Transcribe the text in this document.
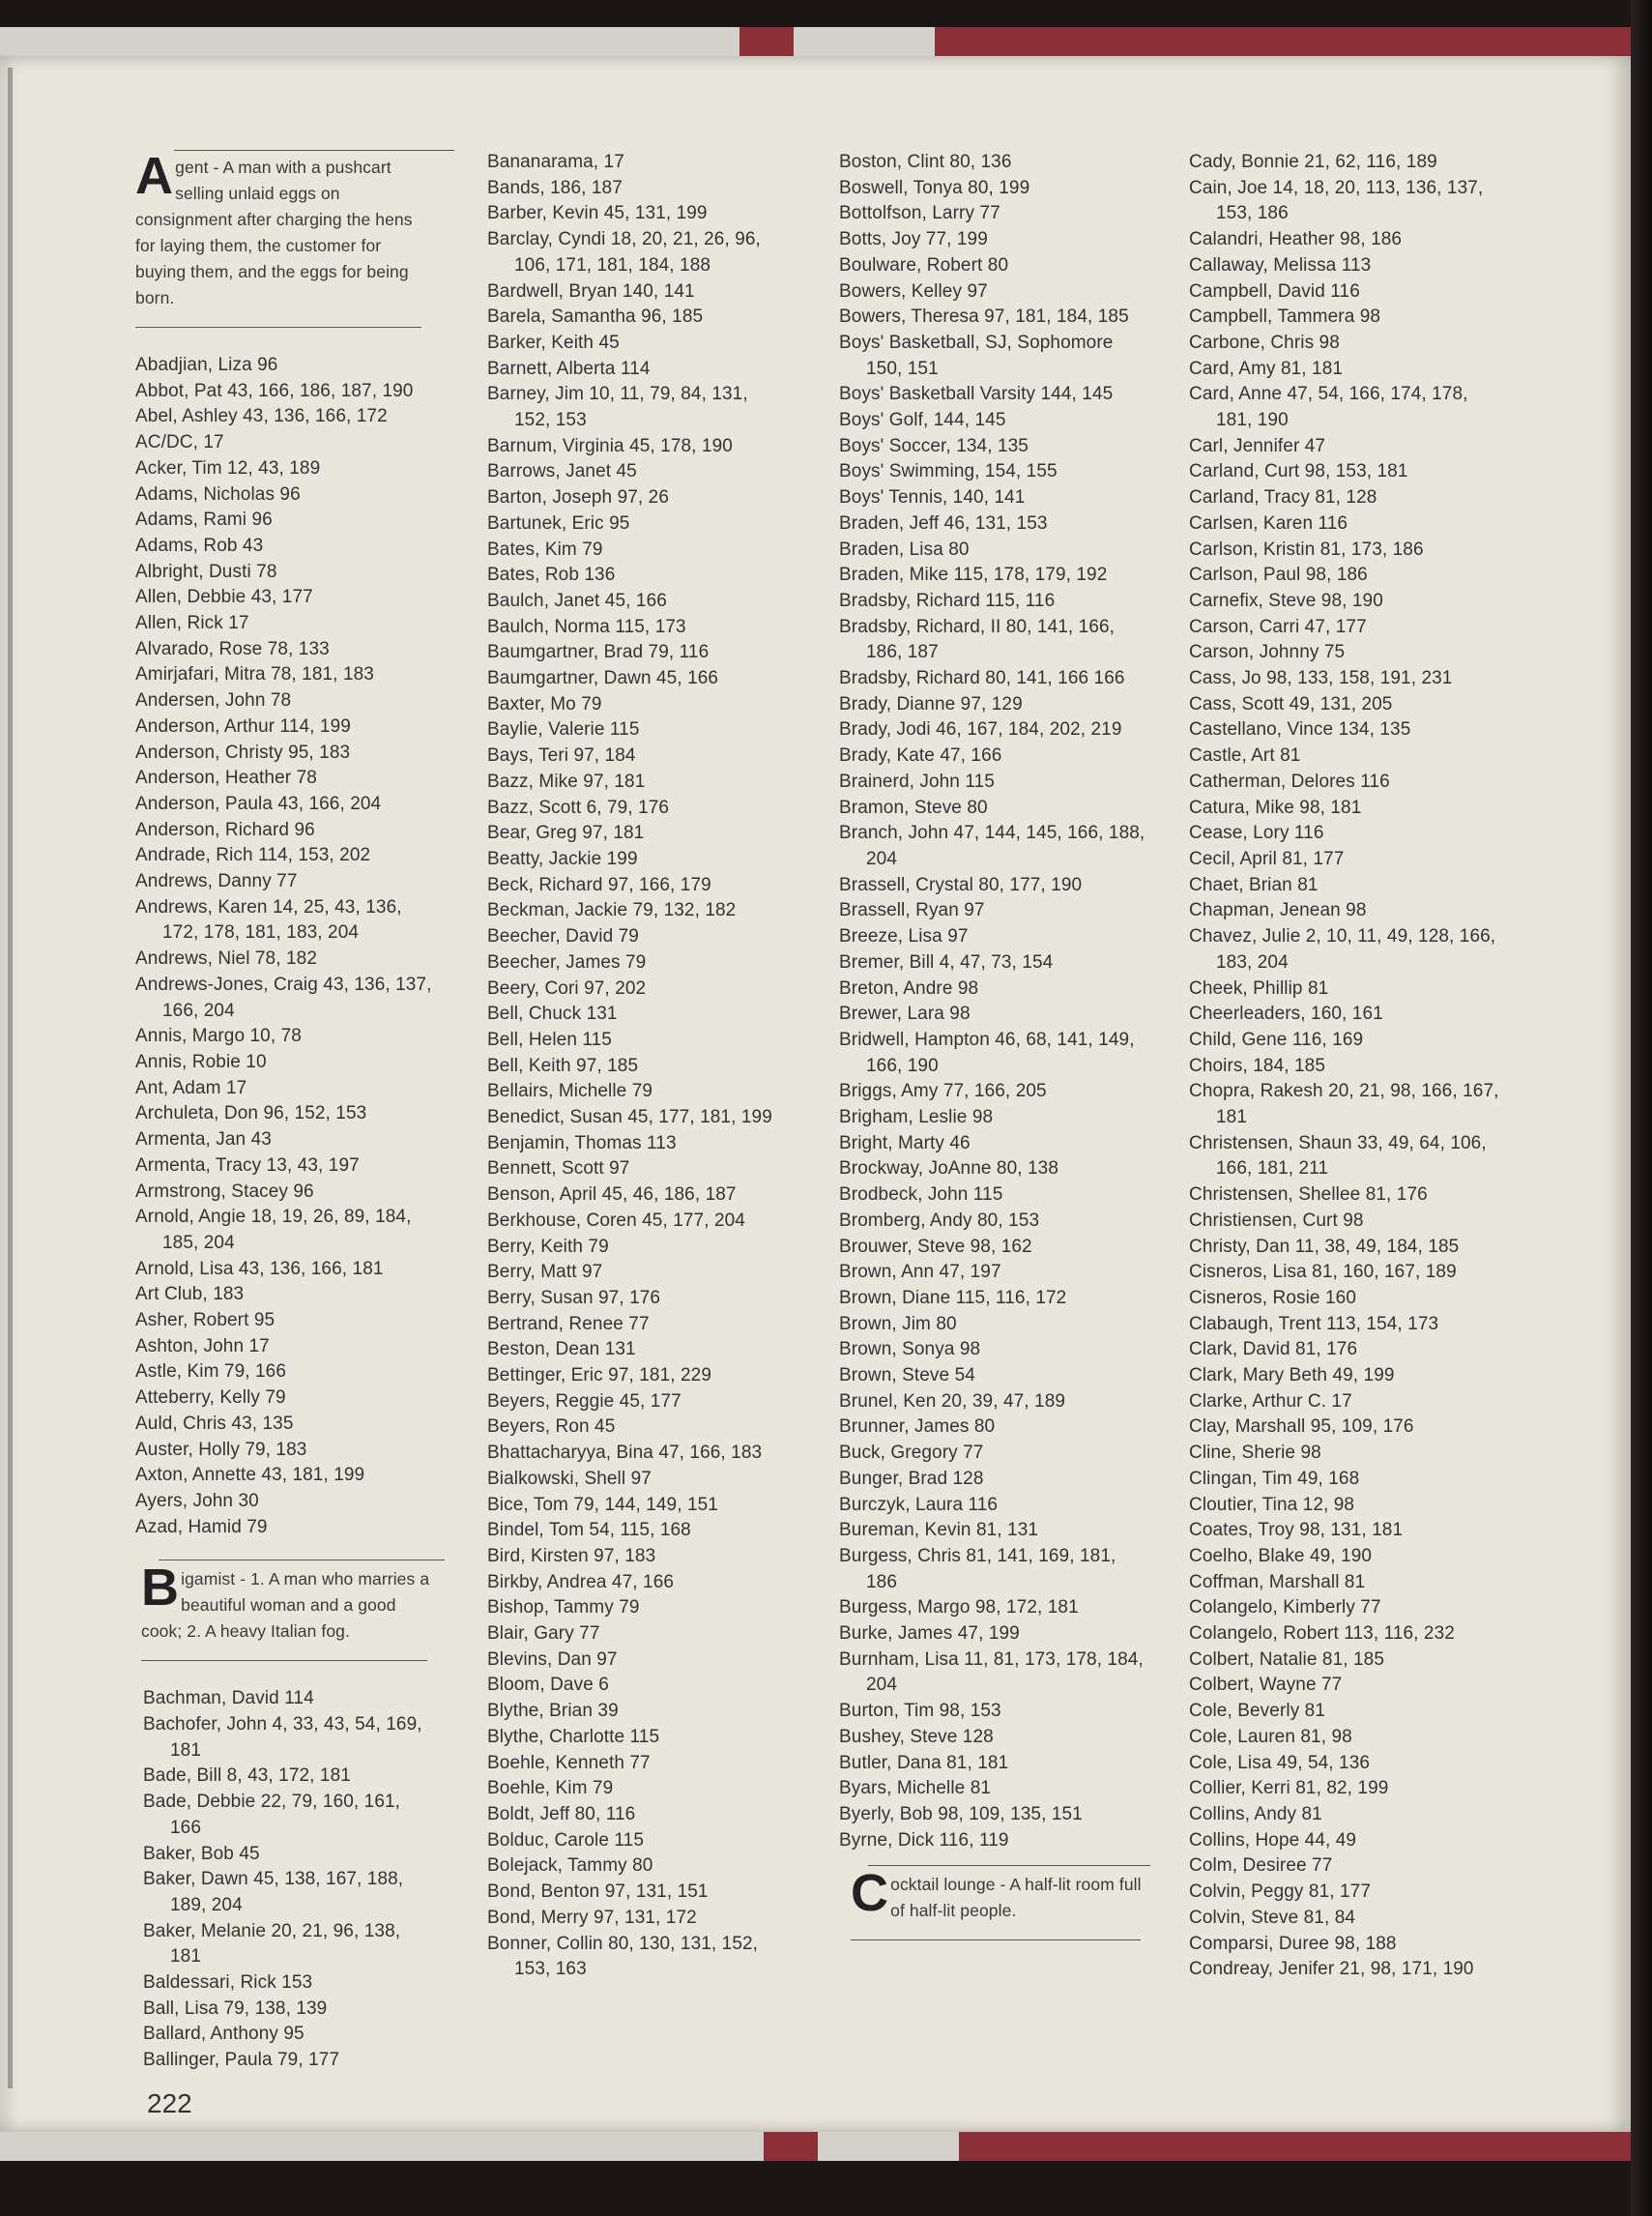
Agent - A man with a pushcart selling unlaid eggs on consignment after charging the hens for laying them, the customer for buying them, and the eggs for being born.

Abadjian, Liza 96

Abbot, Pat 43, 166, 186, 187, 190

Abel, Ashley 43, 136, 166, 172

AC/DC, 17

Acker, Tim 12, 43, 189

Adams, Nicholas 96

Adams, Rami 96

Adams, Rob 43

Albright, Dusti 78

Allen, Debbie 43, 177

Allen, Rick 17

Alvarado, Rose 78, 133

Amirjafari, Mitra 78, 181, 183

Andersen, John 78

Anderson, Arthur 114, 199

Anderson, Christy 95, 183

Anderson, Heather 78

Anderson, Paula 43, 166, 204

Anderson, Richard 96

Andrade, Rich 114, 153, 202

Andrews, Danny 77

Andrews, Karen 14, 25, 43, 136, 172, 178, 181, 183, 204

Andrews, Niel 78, 182

Andrews-Jones, Craig 43, 136, 137, 166, 204

Annis, Margo 10, 78

Annis, Robie 10

Ant, Adam 17

Archuleta, Don 96, 152, 153

Armenta, Jan 43

Armenta, Tracy 13, 43, 197

Armstrong, Stacey 96

Arnold, Angie 18, 19, 26, 89, 184, 185, 204

Arnold, Lisa 43, 136, 166, 181

Art Club, 183

Asher, Robert 95

Ashton, John 17

Astle, Kim 79, 166

Atteberry, Kelly 79

Auld, Chris 43, 135

Auster, Holly 79, 183

Axton, Annette 43, 181, 199

Ayers, John 30

Azad, Hamid 79

Bigamist - 1. A man who marries a beautiful woman and a good cook; 2. A heavy Italian fog.

Bachman, David 114

Bachofer, John 4, 33, 43, 54, 169, 181

Bade, Bill 8, 43, 172, 181

Bade, Debbie 22, 79, 160, 161, 166

Baker, Bob 45

Baker, Dawn 45, 138, 167, 188, 189, 204

Baker, Melanie 20, 21, 96, 138, 181

Baldessari, Rick 153

Ball, Lisa 79, 138, 139

Ballard, Anthony 95

Ballinger, Paula 79, 177

Bananarama, 17

Bands, 186, 187

Barber, Kevin 45, 131, 199

Barclay, Cyndi 18, 20, 21, 26, 96, 106, 171, 181, 184, 188

Bardwell, Bryan 140, 141

Barela, Samantha 96, 185

Barker, Keith 45

Barnett, Alberta 114

Barney, Jim 10, 11, 79, 84, 131, 152, 153

Barnum, Virginia 45, 178, 190

Barrows, Janet 45

Barton, Joseph 97, 26

Bartunek, Eric 95

Bates, Kim 79

Bates, Rob 136

Baulch, Janet 45, 166

Baulch, Norma 115, 173

Baumgartner, Brad 79, 116

Baumgartner, Dawn 45, 166

Baxter, Mo 79

Baylie, Valerie 115

Bays, Teri 97, 184

Bazz, Mike 97, 181

Bazz, Scott 6, 79, 176

Bear, Greg 97, 181

Beatty, Jackie 199

Beck, Richard 97, 166, 179

Beckman, Jackie 79, 132, 182

Beecher, David 79

Beecher, James 79

Beery, Cori 97, 202

Bell, Chuck 131

Bell, Helen 115

Bell, Keith 97, 185

Bellairs, Michelle 79

Benedict, Susan 45, 177, 181, 199

Benjamin, Thomas 113

Bennett, Scott 97

Benson, April 45, 46, 186, 187

Berkhouse, Coren 45, 177, 204

Berry, Keith 79

Berry, Matt 97

Berry, Susan 97, 176

Bertrand, Renee 77

Beston, Dean 131

Bettinger, Eric 97, 181, 229

Beyers, Reggie 45, 177

Beyers, Ron 45

Bhattacharyya, Bina 47, 166, 183

Bialkowski, Shell 97

Bice, Tom 79, 144, 149, 151

Bindel, Tom 54, 115, 168

Bird, Kirsten 97, 183

Birkby, Andrea 47, 166

Bishop, Tammy 79

Blair, Gary 77

Blevins, Dan 97

Bloom, Dave 6

Blythe, Brian 39

Blythe, Charlotte 115

Boehle, Kenneth 77

Boehle, Kim 79

Boldt, Jeff 80, 116

Bolduc, Carole 115

Bolejack, Tammy 80

Bond, Benton 97, 131, 151

Bond, Merry 97, 131, 172

Bonner, Collin 80, 130, 131, 152, 153, 163

Boston, Clint 80, 136

Boswell, Tonya 80, 199

Bottolfson, Larry 77

Botts, Joy 77, 199

Boulware, Robert 80

Bowers, Kelley 97

Bowers, Theresa 97, 181, 184, 185

Boys' Basketball, SJ, Sophomore 150, 151

Boys' Basketball Varsity 144, 145

Boys' Golf, 144, 145

Boys' Soccer, 134, 135

Boys' Swimming, 154, 155

Boys' Tennis, 140, 141

Braden, Jeff 46, 131, 153

Braden, Lisa 80

Braden, Mike 115, 178, 179, 192

Bradsby, Richard 115, 116

Bradsby, Richard, II 80, 141, 166, 186, 187

Bradsby, Richard 80, 141, 166 166

Brady, Dianne 97, 129

Brady, Jodi 46, 167, 184, 202, 219

Brady, Kate 47, 166

Brainerd, John 115

Bramon, Steve 80

Branch, John 47, 144, 145, 166, 188, 204

Brassell, Crystal 80, 177, 190

Brassell, Ryan 97

Breeze, Lisa 97

Bremer, Bill 4, 47, 73, 154

Breton, Andre 98

Brewer, Lara 98

Bridwell, Hampton 46, 68, 141, 149, 166, 190

Briggs, Amy 77, 166, 205

Brigham, Leslie 98

Bright, Marty 46

Brockway, JoAnne 80, 138

Brodbeck, John 115

Bromberg, Andy 80, 153

Brouwer, Steve 98, 162

Brown, Ann 47, 197

Brown, Diane 115, 116, 172

Brown, Jim 80

Brown, Sonya 98

Brown, Steve 54

Brunel, Ken 20, 39, 47, 189

Brunner, James 80

Buck, Gregory 77

Bunger, Brad 128

Burczyk, Laura 116

Bureman, Kevin 81, 131

Burgess, Chris 81, 141, 169, 181, 186

Burgess, Margo 98, 172, 181

Burke, James 47, 199

Burnham, Lisa 11, 81, 173, 178, 184, 204

Burton, Tim 98, 153

Bushey, Steve 128

Butler, Dana 81, 181

Byars, Michelle 81

Byerly, Bob 98, 109, 135, 151

Byrne, Dick 116, 119

Cocktail lounge - A half-lit room full of half-lit people.

Cady, Bonnie 21, 62, 116, 189

Cain, Joe 14, 18, 20, 113, 136, 137, 153, 186

Calandri, Heather 98, 186

Callaway, Melissa 113

Campbell, David 116

Campbell, Tammera 98

Carbone, Chris 98

Card, Amy 81, 181

Card, Anne 47, 54, 166, 174, 178, 181, 190

Carl, Jennifer 47

Carland, Curt 98, 153, 181

Carland, Tracy 81, 128

Carlsen, Karen 116

Carlson, Kristin 81, 173, 186

Carlson, Paul 98, 186

Carnefix, Steve 98, 190

Carson, Carri 47, 177

Carson, Johnny 75

Cass, Jo 98, 133, 158, 191, 231

Cass, Scott 49, 131, 205

Castellano, Vince 134, 135

Castle, Art 81

Catherman, Delores 116

Catura, Mike 98, 181

Cease, Lory 116

Cecil, April 81, 177

Chaet, Brian 81

Chapman, Jenean 98

Chavez, Julie 2, 10, 11, 49, 128, 166, 183, 204

Cheek, Phillip 81

Cheerleaders, 160, 161

Child, Gene 116, 169

Choirs, 184, 185

Chopra, Rakesh 20, 21, 98, 166, 167, 181

Christensen, Shaun 33, 49, 64, 106, 166, 181, 211

Christensen, Shellee 81, 176

Christiensen, Curt 98

Christy, Dan 11, 38, 49, 184, 185

Cisneros, Lisa 81, 160, 167, 189

Cisneros, Rosie 160

Clabaugh, Trent 113, 154, 173

Clark, David 81, 176

Clark, Mary Beth 49, 199

Clarke, Arthur C. 17

Clay, Marshall 95, 109, 176

Cline, Sherie 98

Clingan, Tim 49, 168

Cloutier, Tina 12, 98

Coates, Troy 98, 131, 181

Coelho, Blake 49, 190

Coffman, Marshall 81

Colangelo, Kimberly 77

Colangelo, Robert 113, 116, 232

Colbert, Natalie 81, 185

Colbert, Wayne 77

Cole, Beverly 81

Cole, Lauren 81, 98

Cole, Lisa 49, 54, 136

Collier, Kerri 81, 82, 199

Collins, Andy 81

Collins, Hope 44, 49

Colm, Desiree 77

Colvin, Peggy 81, 177

Colvin, Steve 81, 84

Comparsi, Duree 98, 188

Condreay, Jenifer 21, 98, 171, 190

222
